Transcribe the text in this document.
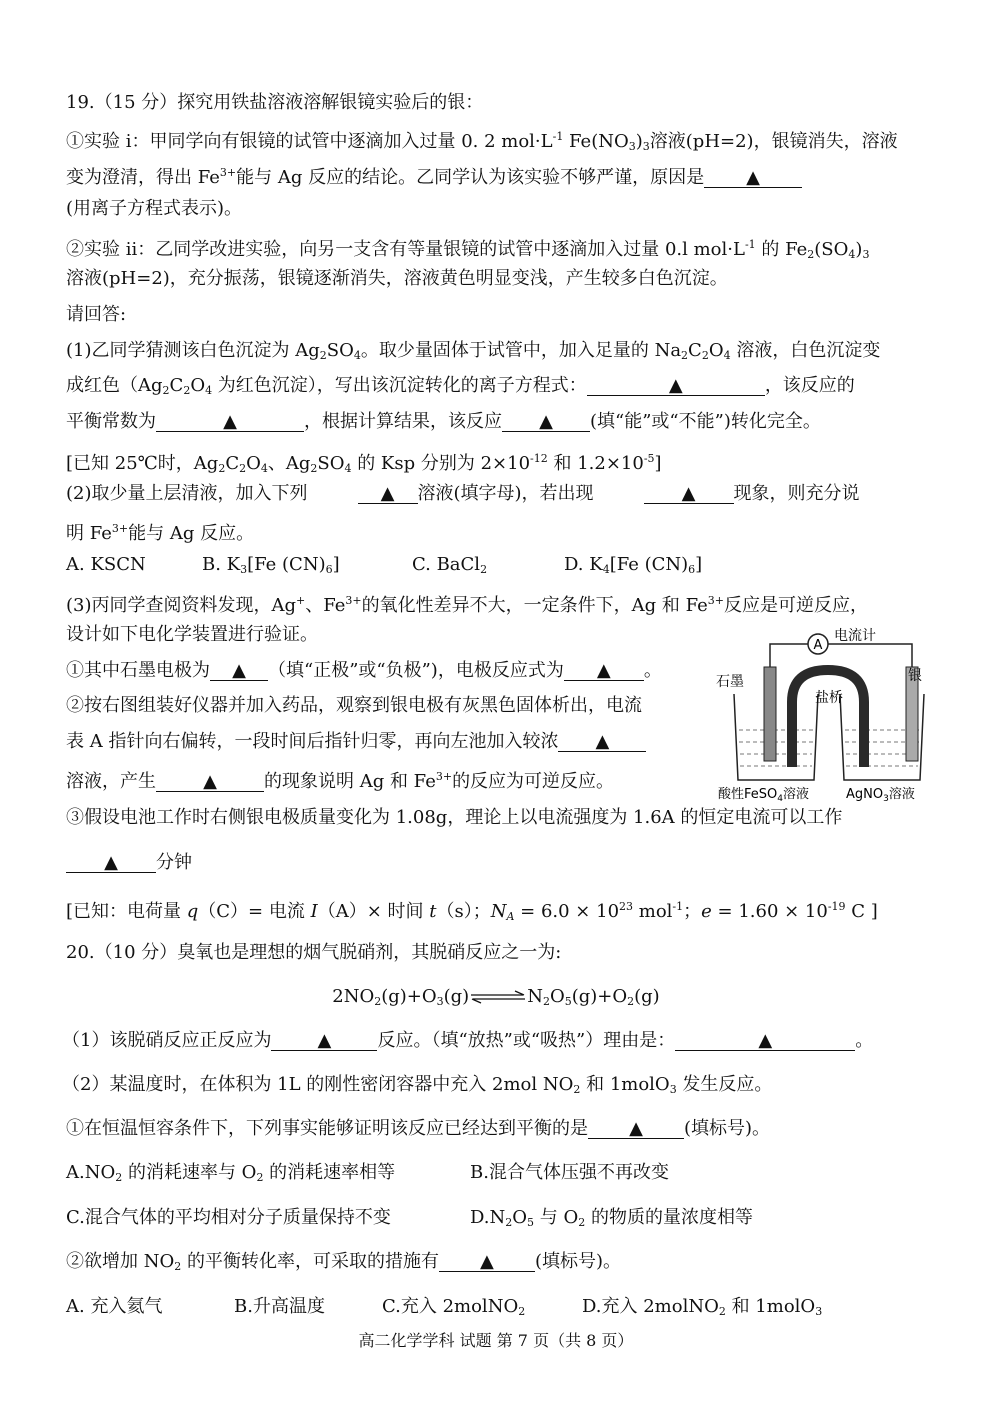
19.（15 分）探究用铁盐溶液溶解银镜实验后的银：
①实验 i：甲同学向有银镜的试管中逐滴加入过量 0. 2 $mol\cdot L^{-1}$ $Fe(NO_3)_3$溶液(pH=2)，银镜消失，溶液
变为澄清，得出 $Fe^{3+}$能与 Ag 反应的结论。乙同学认为该实验不够严谨，原因是 ▲
(用离子方程式表示)。
②实验 ii：乙同学改进实验，向另一支含有等量银镜的试管中逐滴加入过量 0.l $mol\cdot L^{-1}$ 的 $Fe_2(SO_4)_3$
溶液(pH=2)，充分振荡，银镜逐渐消失，溶液黄色明显变浅，产生较多白色沉淀。
请回答:
(1)乙同学猜测该白色沉淀为 $Ag_2SO_4$。取少量固体于试管中，加入足量的 $Na_2C_2O_4$ 溶液，白色沉淀变
成红色（$Ag_2C_2O_4$ 为红色沉淀），写出该沉淀转化的离子方程式：	▲	，该反应的
平衡常数为	▲	，根据计算结果，该反应 ▲ (填“能”或“不能”)转化完全。
[已知 25℃时，$Ag_2C_2O_4$、$Ag_2SO_4$ 的 Ksp 分别为 $2\times 10^{-12}$ 和 $1.2\times 10^{-5}$]
(2)取少量上层清液，加入下列	▲ 溶液(填字母)，若出现	▲ 现象，则充分说
明 $Fe^{3+}$能与 Ag 反应。
A. KSCN	B. $K_3[Fe$ $(CN)_6$]	C. BaCl$_2$	D. $K_4[Fe$ $(CN)_6$]
(3)丙同学查阅资料发现，Ag+、$Fe^{3+}$的氧化性差异不大，一定条件下，Ag 和 $Fe^{3+}$反应是可逆反应，
设计如下电化学装置进行验证。
①其中石墨电极为 ▲ （填“正极”或“负极”)，电极反应式为 ▲ 。
②按右图组装好仪器并加入药品，观察到银电极有灰黑色固体析出，电流
表 A 指针向右偏转，一段时间后指针归零，再向左池加入较浓 ▲
溶液，产生	▲	的现象说明 Ag 和 $Fe^{3+}$的反应为可逆反应。
③假设电池工作时右侧银电极质量变化为 1.08g，理论上以电流强度为 1.6A 的恒定电流可以工作
▲ 分钟
[已知：电荷量 q（C）= 电流 I（A）× 时间 t（s）；$N_A = 6.0 \times 10^{23}$ mol$^{-1}$；$e = 1.60 \times 10^{-19}$ C ]
A
电流计
盐桥
石墨	银
酸性FeSO$_4$溶液	AgNO$_3$溶液
20.（10 分）臭氧也是理想的烟气脱硝剂，其脱硝反应之一为:
$2NO_2(g)+O_3(g)\rightleftharpoons N_2O_5(g)+O_2(g)$
（1）该脱硝反应正反应为	▲	反应。（填“放热”或“吸热”）理由是：	▲	。
（2）某温度时，在体积为 1L 的刚性密闭容器中充入 2mol $NO_2$ 和 1molO$_3$ 发生反应。
①在恒温恒容条件下，下列事实能够证明该反应已经达到平衡的是 ▲ (填标号)。
$A.NO_2$ 的消耗速率与 $O_2$ 的消耗速率相等	B.混合气体压强不再改变
C.混合气体的平均相对分子质量保持不变	$D.N_2O_5$ 与 $O_2$ 的物质的量浓度相等
②欲增加 $NO_2$ 的平衡转化率，可采取的措施有 ▲ (填标号)。
A. 充入氦气	B.升高温度	C.充入 2molNO$_2$	D.充入 2molNO$_2$ 和 1molO$_3$
高二化学学科 试题 第 7 页（共 8 页）
